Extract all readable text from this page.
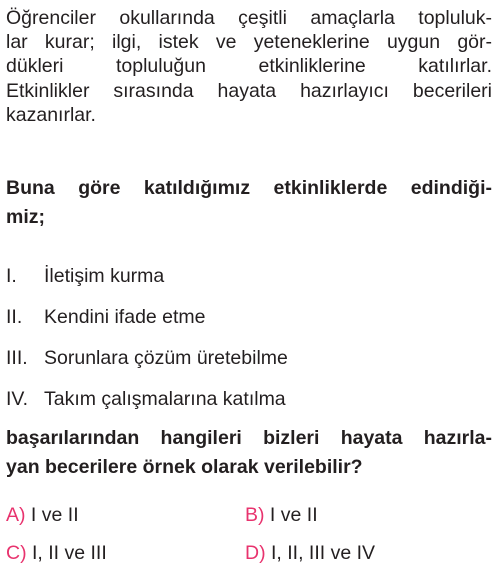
Öğrenciler okullarında çeşitli amaçlarla topluluk-
lar kurar; ilgi, istek ve yeteneklerine uygun gör-
dükleri topluluğun etkinliklerine katılırlar.
Etkinlikler sırasında hayata hazırlayıcı becerileri
kazanırlar.
Buna göre katıldığımız etkinliklerde edindiği-
miz;
I. İletişim kurma
II. Kendini ifade etme
III. Sorunlara çözüm üretebilme
IV. Takım çalışmalarına katılma
başarılarından hangileri bizleri hayata hazırla-
yan becerilere örnek olarak verilebilir?
A) I ve II	B) I ve II
C) I, II ve III	D) I, II, III ve IV
